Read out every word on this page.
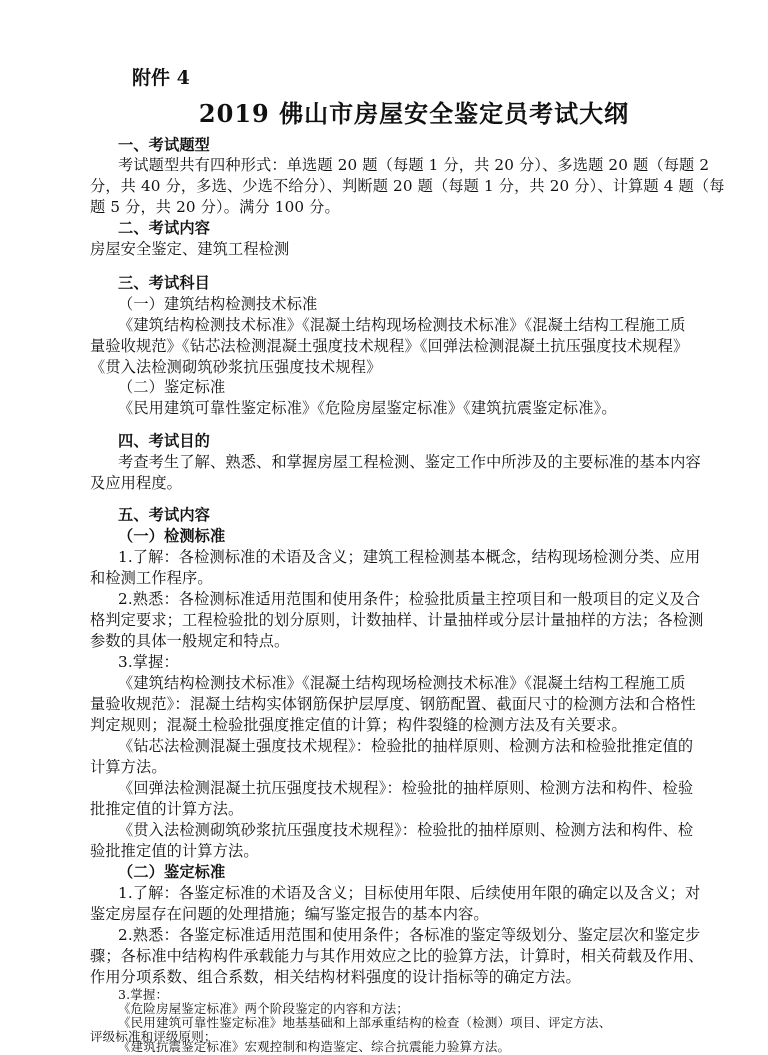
附件 4
2019 佛山市房屋安全鉴定员考试大纲
一、考试题型
考试题型共有四种形式：单选题 20 题（每题 1 分，共 20 分）、多选题 20 题（每题 2
分，共 40 分，多选、少选不给分）、判断题 20 题（每题 1 分，共 20 分）、计算题 4 题（每
题 5 分，共 20 分）。满分 100 分。
二、考试内容
房屋安全鉴定、建筑工程检测
三、考试科目
（一）建筑结构检测技术标准
《建筑结构检测技术标准》《混凝土结构现场检测技术标准》《混凝土结构工程施工质
量验收规范》《钻芯法检测混凝土强度技术规程》《回弹法检测混凝土抗压强度技术规程》
《贯入法检测砌筑砂浆抗压强度技术规程》
（二）鉴定标准
《民用建筑可靠性鉴定标准》《危险房屋鉴定标准》《建筑抗震鉴定标准》。
四、考试目的
考查考生了解、熟悉、和掌握房屋工程检测、鉴定工作中所涉及的主要标准的基本内容
及应用程度。
五、考试内容
（一）检测标准
1.了解：各检测标准的术语及含义；建筑工程检测基本概念，结构现场检测分类、应用
和检测工作程序。
2.熟悉：各检测标准适用范围和使用条件；检验批质量主控项目和一般项目的定义及合
格判定要求；工程检验批的划分原则，计数抽样、计量抽样或分层计量抽样的方法；各检测
参数的具体一般规定和特点。
3.掌握：
《建筑结构检测技术标准》《混凝土结构现场检测技术标准》《混凝土结构工程施工质
量验收规范》：混凝土结构实体钢筋保护层厚度、钢筋配置、截面尺寸的检测方法和合格性
判定规则；混凝土检验批强度推定值的计算；构件裂缝的检测方法及有关要求。
《钻芯法检测混凝土强度技术规程》：检验批的抽样原则、检测方法和检验批推定值的
计算方法。
《回弹法检测混凝土抗压强度技术规程》：检验批的抽样原则、检测方法和构件、检验
批推定值的计算方法。
《贯入法检测砌筑砂浆抗压强度技术规程》：检验批的抽样原则、检测方法和构件、检
验批推定值的计算方法。
（二）鉴定标准
1.了解：各鉴定标准的术语及含义；目标使用年限、后续使用年限的确定以及含义；对
鉴定房屋存在问题的处理措施；编写鉴定报告的基本内容。
2.熟悉：各鉴定标准适用范围和使用条件；各标准的鉴定等级划分、鉴定层次和鉴定步
骤；各标准中结构构件承载能力与其作用效应之比的验算方法，计算时，相关荷载及作用、
作用分项系数、组合系数，相关结构材料强度的设计指标等的确定方法。
3.掌握：
《危险房屋鉴定标准》两个阶段鉴定的内容和方法；
《民用建筑可靠性鉴定标准》地基基础和上部承重结构的检查（检测）项目、评定方法、
评级标准和评级原则；
《建筑抗震鉴定标准》宏观控制和构造鉴定、综合抗震能力验算方法。
